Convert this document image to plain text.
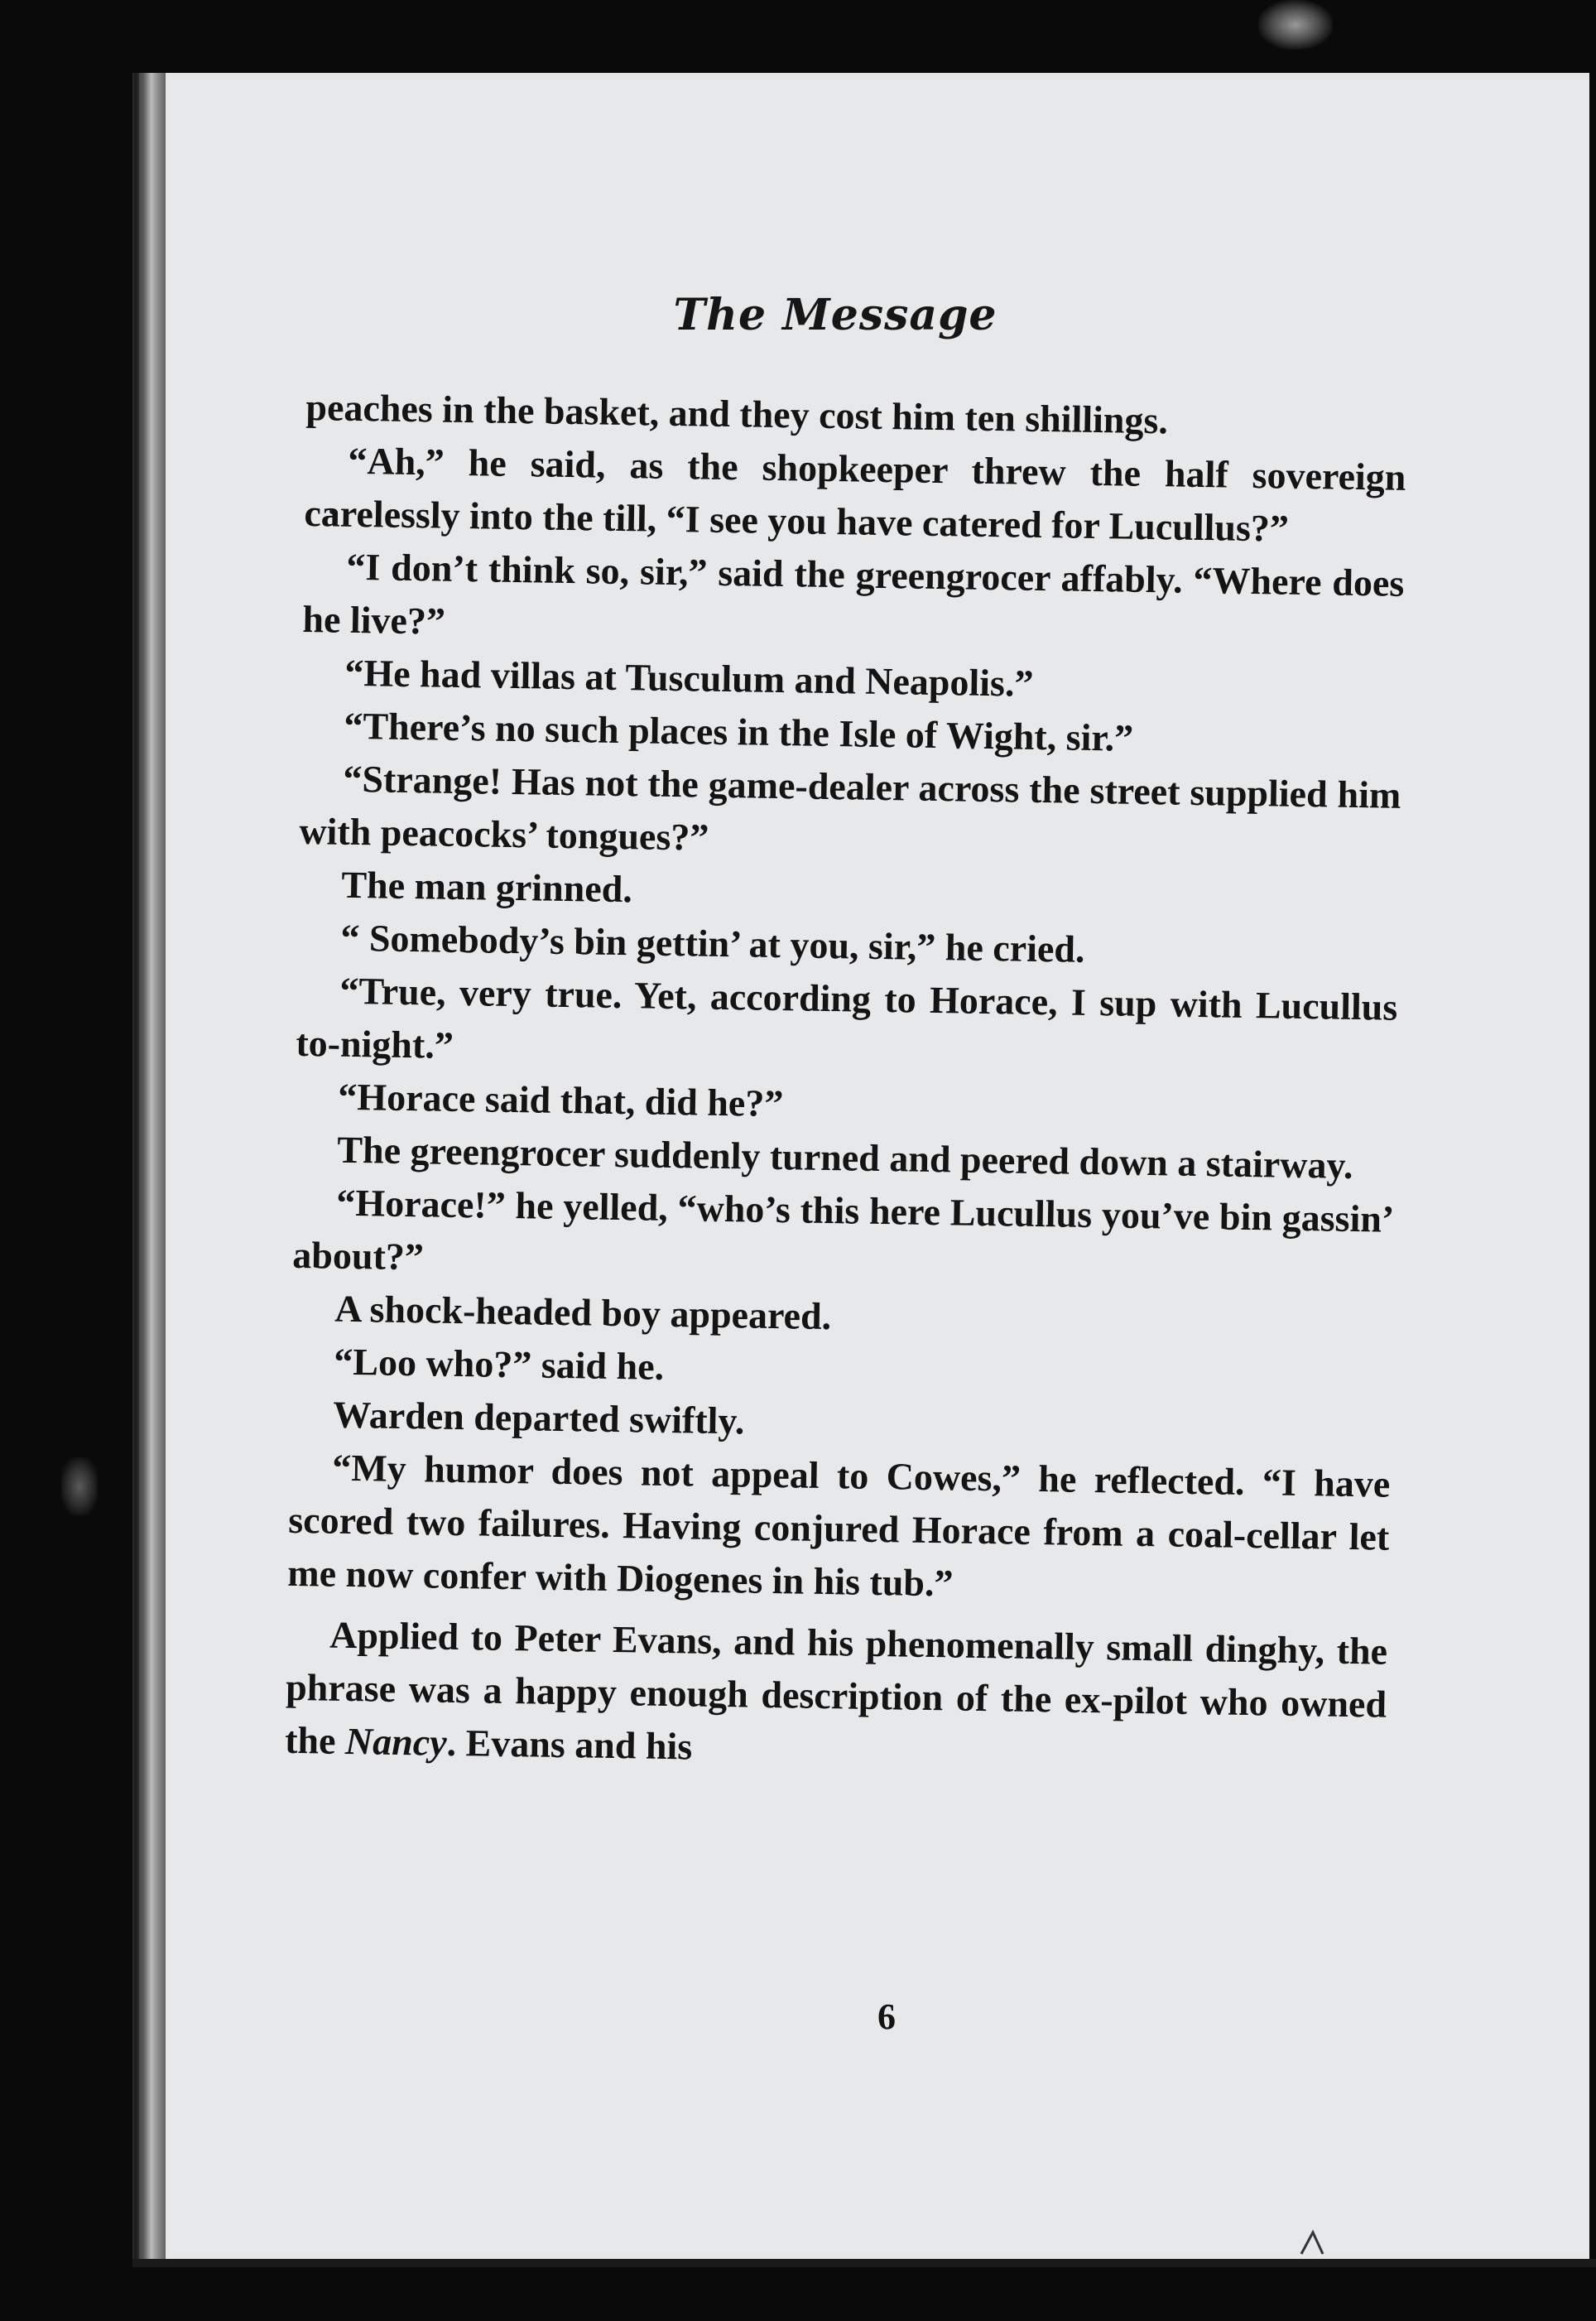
The Message

peaches in the basket, and they cost him ten shillings.

“Ah,” he said, as the shopkeeper threw the half sovereign carelessly into the till, “I see you have catered for Lucullus?”

“I don’t think so, sir,” said the greengrocer affably. “Where does he live?”

“He had villas at Tusculum and Neapolis.”

“There’s no such places in the Isle of Wight, sir.”

“Strange! Has not the game-dealer across the street supplied him with peacocks’ tongues?”

The man grinned.

“ Somebody’s bin gettin’ at you, sir,” he cried.

“True, very true. Yet, according to Horace, I sup with Lucullus to-night.”

“Horace said that, did he?”

The greengrocer suddenly turned and peered down a stairway.

“Horace!” he yelled, “who’s this here Lucullus you’ve bin gassin’ about?”

A shock-headed boy appeared.

“Loo who?” said he.

Warden departed swiftly.

“My humor does not appeal to Cowes,” he reflected. “I have scored two failures. Having conjured Horace from a coal-cellar let me now confer with Diogenes in his tub.”

Applied to Peter Evans, and his phenomenally small dinghy, the phrase was a happy enough description of the ex-pilot who owned the Nancy. Evans and his

6
